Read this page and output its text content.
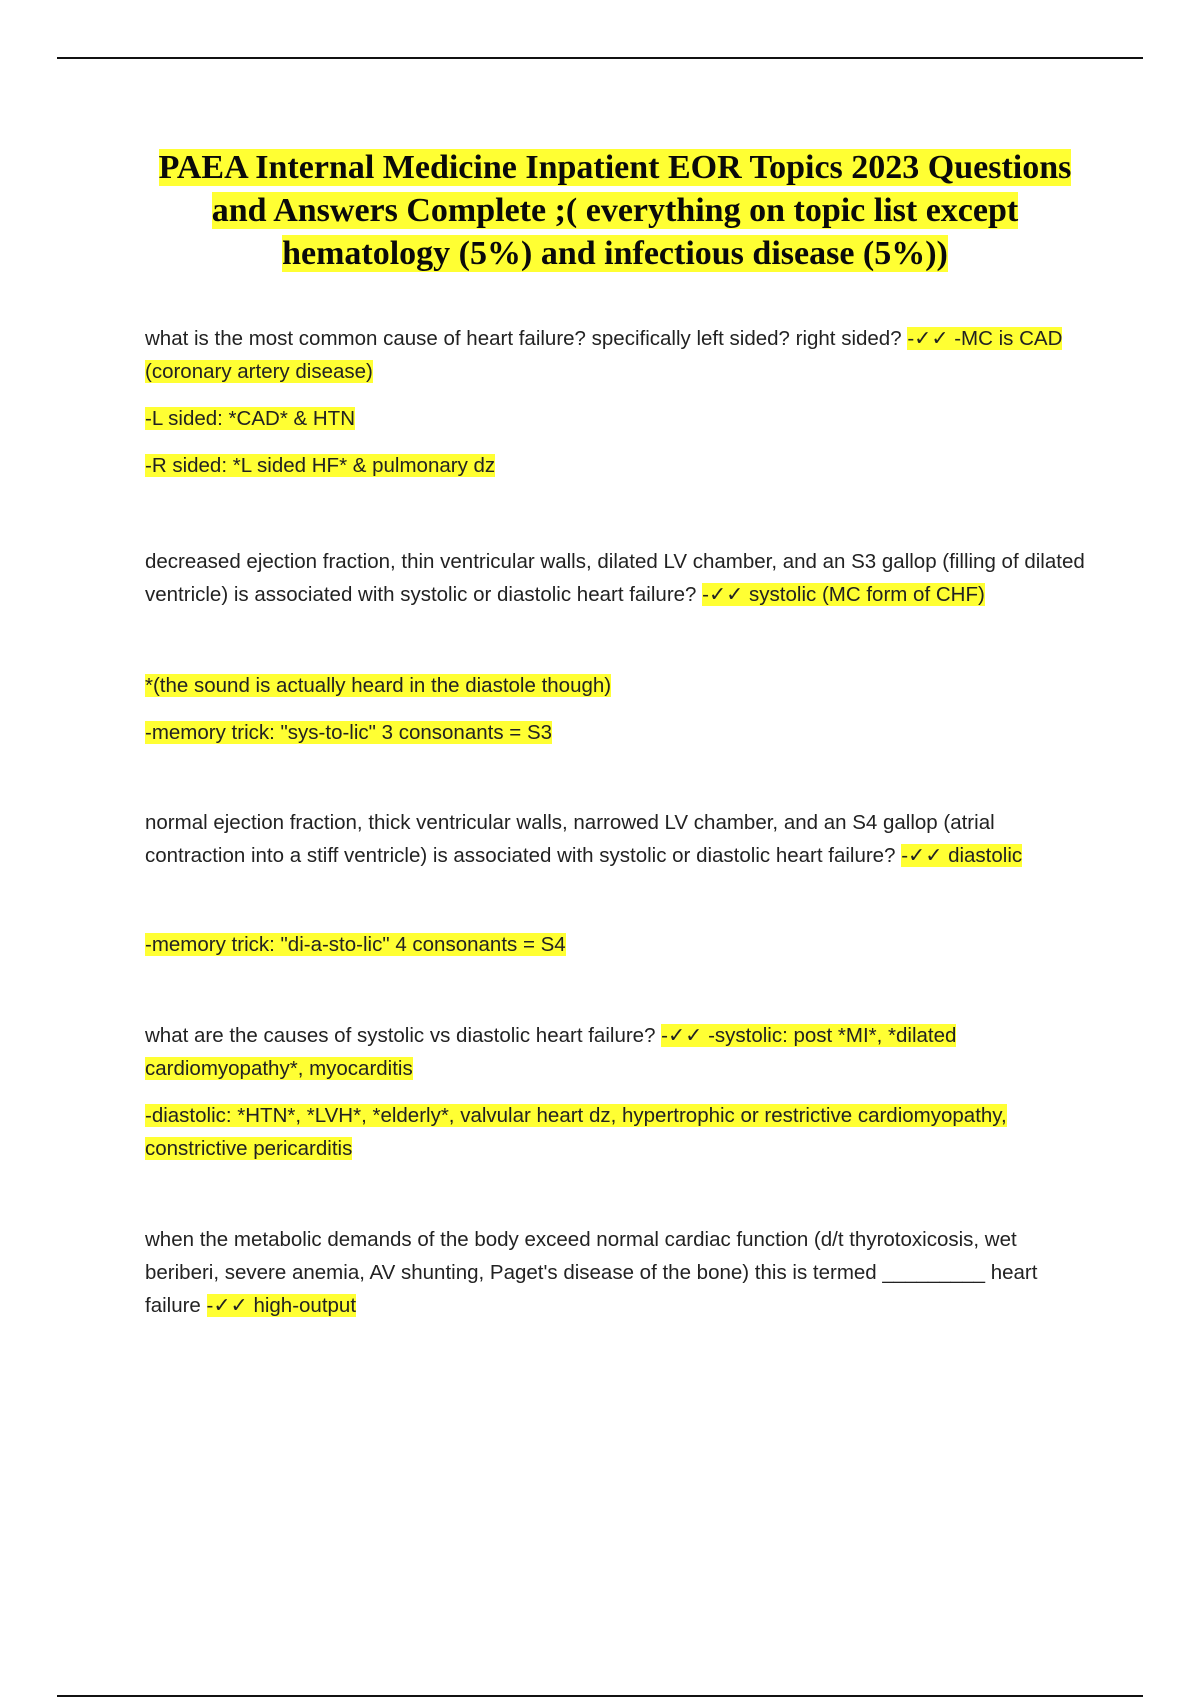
PAEA Internal Medicine Inpatient EOR Topics 2023 Questions and Answers Complete ;( everything on topic list except hematology (5%) and infectious disease (5%))

what is the most common cause of heart failure? specifically left sided? right sided? -✓✓ -MC is CAD (coronary artery disease)

-L sided: *CAD* & HTN

-R sided: *L sided HF* & pulmonary dz

decreased ejection fraction, thin ventricular walls, dilated LV chamber, and an S3 gallop (filling of dilated ventricle) is associated with systolic or diastolic heart failure? -✓✓ systolic (MC form of CHF)

*(the sound is actually heard in the diastole though)

-memory trick: "sys-to-lic" 3 consonants = S3

normal ejection fraction, thick ventricular walls, narrowed LV chamber, and an S4 gallop (atrial contraction into a stiff ventricle) is associated with systolic or diastolic heart failure? -✓✓ diastolic

-memory trick: "di-a-sto-lic" 4 consonants = S4

what are the causes of systolic vs diastolic heart failure? -✓✓ -systolic: post *MI*, *dilated cardiomyopathy*, myocarditis

-diastolic: *HTN*, *LVH*, *elderly*, valvular heart dz, hypertrophic or restrictive cardiomyopathy, constrictive pericarditis

when the metabolic demands of the body exceed normal cardiac function (d/t thyrotoxicosis, wet beriberi, severe anemia, AV shunting, Paget's disease of the bone) this is termed _________ heart failure -✓✓ high-output
